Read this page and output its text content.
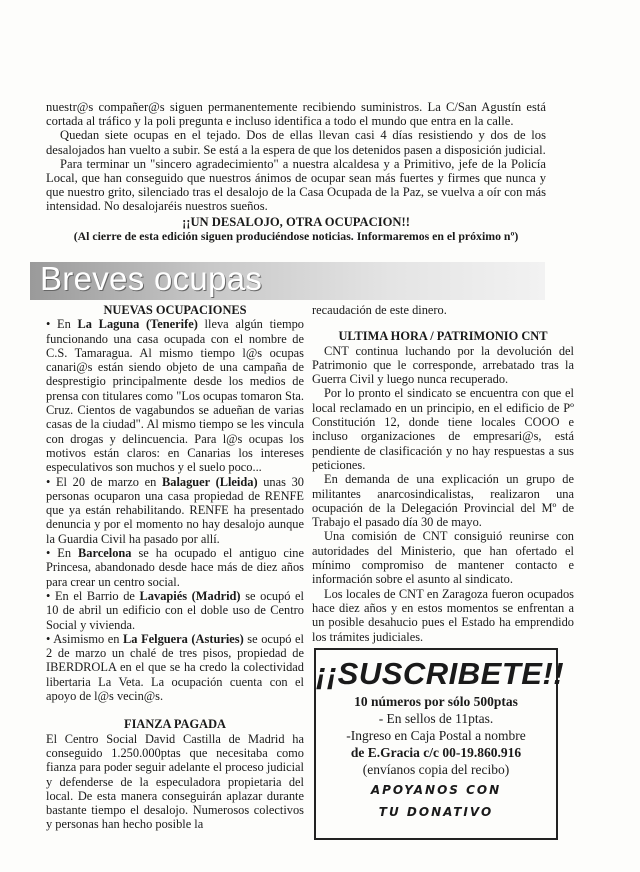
nuestr@s compañer@s siguen permanentemente recibiendo suministros. La C/San Agustín está cortada al tráfico y la poli pregunta e incluso identifica a todo el mundo que entra en la calle.

Quedan siete ocupas en el tejado. Dos de ellas llevan casi 4 días resistiendo y dos de los desalojados han vuelto a subir. Se está a la espera de que los detenidos pasen a disposición judicial.

Para terminar un "sincero agradecimiento" a nuestra alcaldesa y a Primitivo, jefe de la Policía Local, que han conseguido que nuestros ánimos de ocupar sean más fuertes y firmes que nunca y que nuestro grito, silenciado tras el desalojo de la Casa Ocupada de la Paz, se vuelva a oír con más intensidad. No desalojaréis nuestros sueños.

¡¡UN DESALOJO, OTRA OCUPACION!!

(Al cierre de esta edición siguen produciéndose noticias. Informaremos en el próximo nº)

Breves ocupas

NUEVAS OCUPACIONES

• En La Laguna (Tenerife) lleva algún tiempo funcionando una casa ocupada con el nombre de C.S. Tamaragua. Al mismo tiempo l@s ocupas canari@s están siendo objeto de una campaña de desprestigio principalmente desde los medios de prensa con titulares como "Los ocupas tomaron Sta. Cruz. Cientos de vagabundos se adueñan de varias casas de la ciudad". Al mismo tiempo se les vincula con drogas y delincuencia. Para l@s ocupas los motivos están claros: en Canarias los intereses especulativos son muchos y el suelo poco...

• El 20 de marzo en Balaguer (Lleida) unas 30 personas ocuparon una casa propiedad de RENFE que ya están rehabilitando. RENFE ha presentado denuncia y por el momento no hay desalojo aunque la Guardia Civil ha pasado por allí.

• En Barcelona se ha ocupado el antiguo cine Princesa, abandonado desde hace más de diez años para crear un centro social.

• En el Barrio de Lavapiés (Madrid) se ocupó el 10 de abril un edificio con el doble uso de Centro Social y vivienda.

• Asimismo en La Felguera (Asturies) se ocupó el 2 de marzo un chalé de tres pisos, propiedad de IBERDROLA en el que se ha credo la colectividad libertaria La Veta. La ocupación cuenta con el apoyo de l@s vecin@s.

FIANZA PAGADA

El Centro Social David Castilla de Madrid ha conseguido 1.250.000ptas que necesitaba como fianza para poder seguir adelante el proceso judicial y defenderse de la especuladora propietaria del local. De esta manera conseguirán aplazar durante bastante tiempo el desalojo. Numerosos colectivos y personas han hecho posible la

recaudación de este dinero.

ULTIMA HORA / PATRIMONIO CNT

CNT continua luchando por la devolución del Patrimonio que le corresponde, arrebatado tras la Guerra Civil y luego nunca recuperado.

Por lo pronto el sindicato se encuentra con que el local reclamado en un principio, en el edificio de Pº Constitución 12, donde tiene locales COOO e incluso organizaciones de empresari@s, está pendiente de clasificación y no hay respuestas a sus peticiones.

En demanda de una explicación un grupo de militantes anarcosindicalistas, realizaron una ocupación de la Delegación Provincial del Mº de Trabajo el pasado día 30 de mayo.

Una comisión de CNT consiguió reunirse con autoridades del Ministerio, que han ofertado el mínimo compromiso de mantener contacto e información sobre el asunto al sindicato.

Los locales de CNT en Zaragoza fueron ocupados hace diez años y en estos momentos se enfrentan a un posible desahucio pues el Estado ha emprendido los trámites judiciales.

¡¡SUSCRIBETE!!
10 números por sólo 500ptas
- En sellos de 11ptas.
-Ingreso en Caja Postal a nombre
de E.Gracia c/c 00-19.860.916
(envíanos copia del recibo)
APOYANOS CON
TU DONATIVO
